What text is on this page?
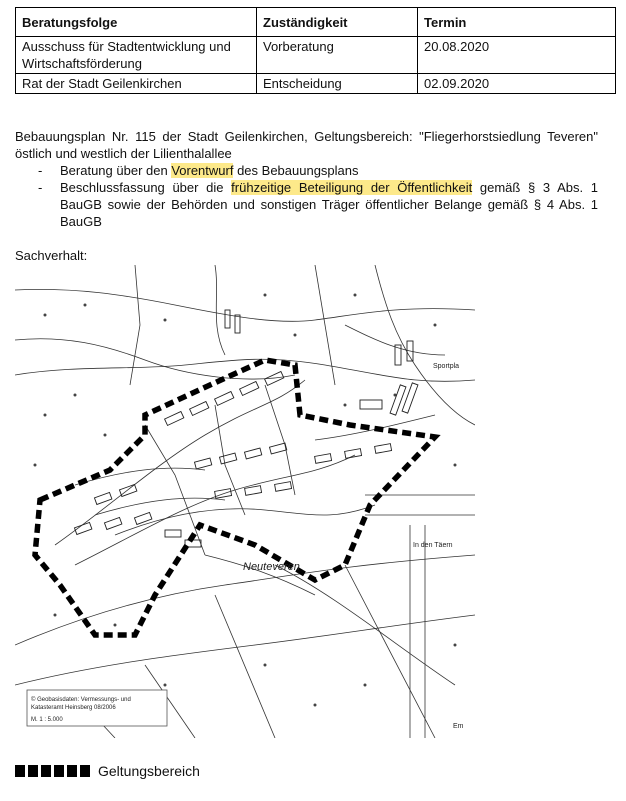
Beratungsfolge	Zuständigkeit	Termin
Ausschuss für Stadtentwicklung und Wirtschaftsförderung	Vorberatung	20.08.2020
Rat der Stadt Geilenkirchen	Entscheidung	02.09.2020
Bebauungsplan Nr. 115 der Stadt Geilenkirchen, Geltungsbereich: "Fliegerhorstsiedlung Teveren" östlich und westlich der Lilienthalallee
- Beratung über den Vorentwurf des Bebauungsplans
- Beschlussfassung über die frühzeitige Beteiligung der Öffentlichkeit gemäß § 3 Abs. 1 BauGB sowie der Behörden und sonstigen Träger öffentlicher Belange gemäß § 4 Abs. 1 BauGB
Sachverhalt:
Neuteveren
Sportpla
In den Täern
Em
© Geobasisdaten: Vermessungs- und
Katasteramt Heinsberg 08/2006
M. 1 : 5.000
Geltungsbereich
